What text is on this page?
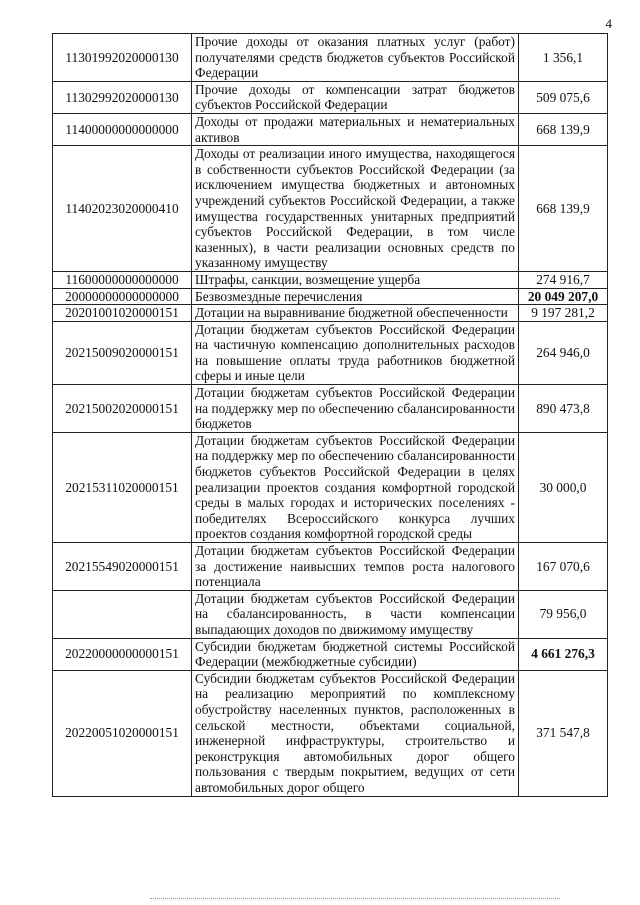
4
11301992020000130	Прочие доходы от оказания платных услуг (работ) получателями средств бюджетов субъектов Российской Федерации	1 356,1
11302992020000130	Прочие доходы от компенсации затрат бюджетов субъектов Российской Федерации	509 075,6
11400000000000000	Доходы от продажи материальных и нематериальных активов	668 139,9
11402023020000410	Доходы от реализации иного имущества, находящегося в собственности субъектов Российской Федерации (за исключением имущества бюджетных и автономных учреждений субъектов Российской Федерации, а также имущества государственных унитарных предприятий субъектов Российской Федерации, в том числе казенных), в части реализации основных средств по указанному имуществу	668 139,9
11600000000000000	Штрафы, санкции, возмещение ущерба	274 916,7
20000000000000000	Безвозмездные перечисления	20 049 207,0
20201001020000151	Дотации на выравнивание бюджетной обеспеченности	9 197 281,2
20215009020000151	Дотации бюджетам субъектов Российской Федерации на частичную компенсацию дополнительных расходов на повышение оплаты труда работников бюджетной сферы и иные цели	264 946,0
20215002020000151	Дотации бюджетам субъектов Российской Федерации на поддержку мер по обеспечению сбалансированности бюджетов	890 473,8
20215311020000151	Дотации бюджетам субъектов Российской Федерации на поддержку мер по обеспечению сбалансированности бюджетов субъектов Российской Федерации в целях реализации проектов создания комфортной городской среды в малых городах и исторических поселениях - победителях Всероссийского конкурса лучших проектов создания комфортной городской среды	30 000,0
20215549020000151	Дотации бюджетам субъектов Российской Федерации за достижение наивысших темпов роста налогового потенциала	167 070,6
	Дотации бюджетам субъектов Российской Федерации на сбалансированность, в части компенсации выпадающих доходов по движимому имуществу	79 956,0
20220000000000151	Субсидии бюджетам бюджетной системы Российской Федерации (межбюджетные субсидии)	4 661 276,3
20220051020000151	Субсидии бюджетам субъектов Российской Федерации на реализацию мероприятий по комплексному обустройству населенных пунктов, расположенных в сельской местности, объектами социальной, инженерной инфраструктуры, строительство и реконструкция автомобильных дорог общего пользования с твердым покрытием, ведущих от сети автомобильных дорог общего	371 547,8
